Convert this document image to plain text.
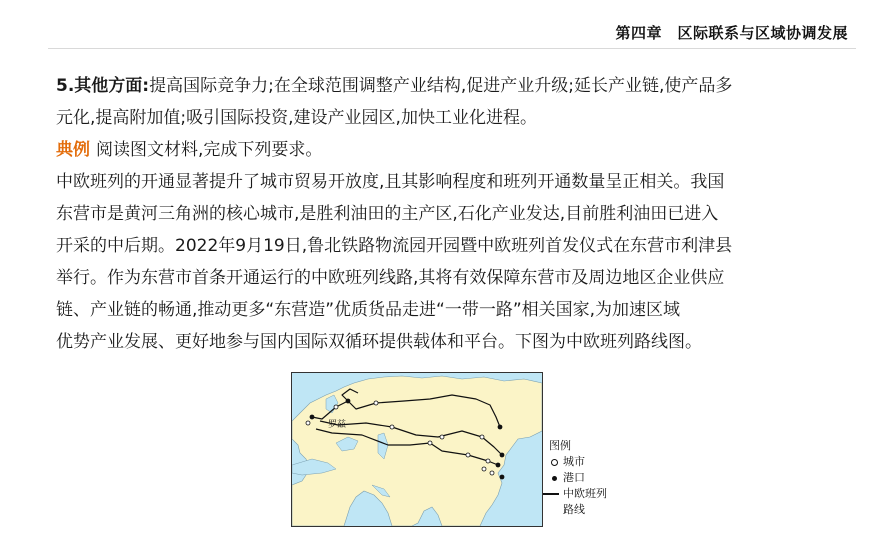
第四章　区际联系与区域协调发展
5.其他方面:提高国际竞争力;在全球范围调整产业结构,促进产业升级;延长产业链,使产品多
元化,提高附加值;吸引国际投资,建设产业园区,加快工业化进程。
典例 阅读图文材料,完成下列要求。
中欧班列的开通显著提升了城市贸易开放度,且其影响程度和班列开通数量呈正相关。我国
东营市是黄河三角洲的核心城市,是胜利油田的主产区,石化产业发达,目前胜利油田已进入
开采的中后期。2022年9月19日,鲁北铁路物流园开园暨中欧班列首发仪式在东营市利津县
举行。作为东营市首条开通运行的中欧班列线路,其将有效保障东营市及周边地区企业供应
链、产业链的畅通,推动更多“东营造”优质货品走进“一带一路”相关国家,为加速区域
优势产业发展、更好地参与国内国际双循环提供载体和平台。下图为中欧班列路线图。
罗兹
图例
城市
港口
中欧班列
路线
